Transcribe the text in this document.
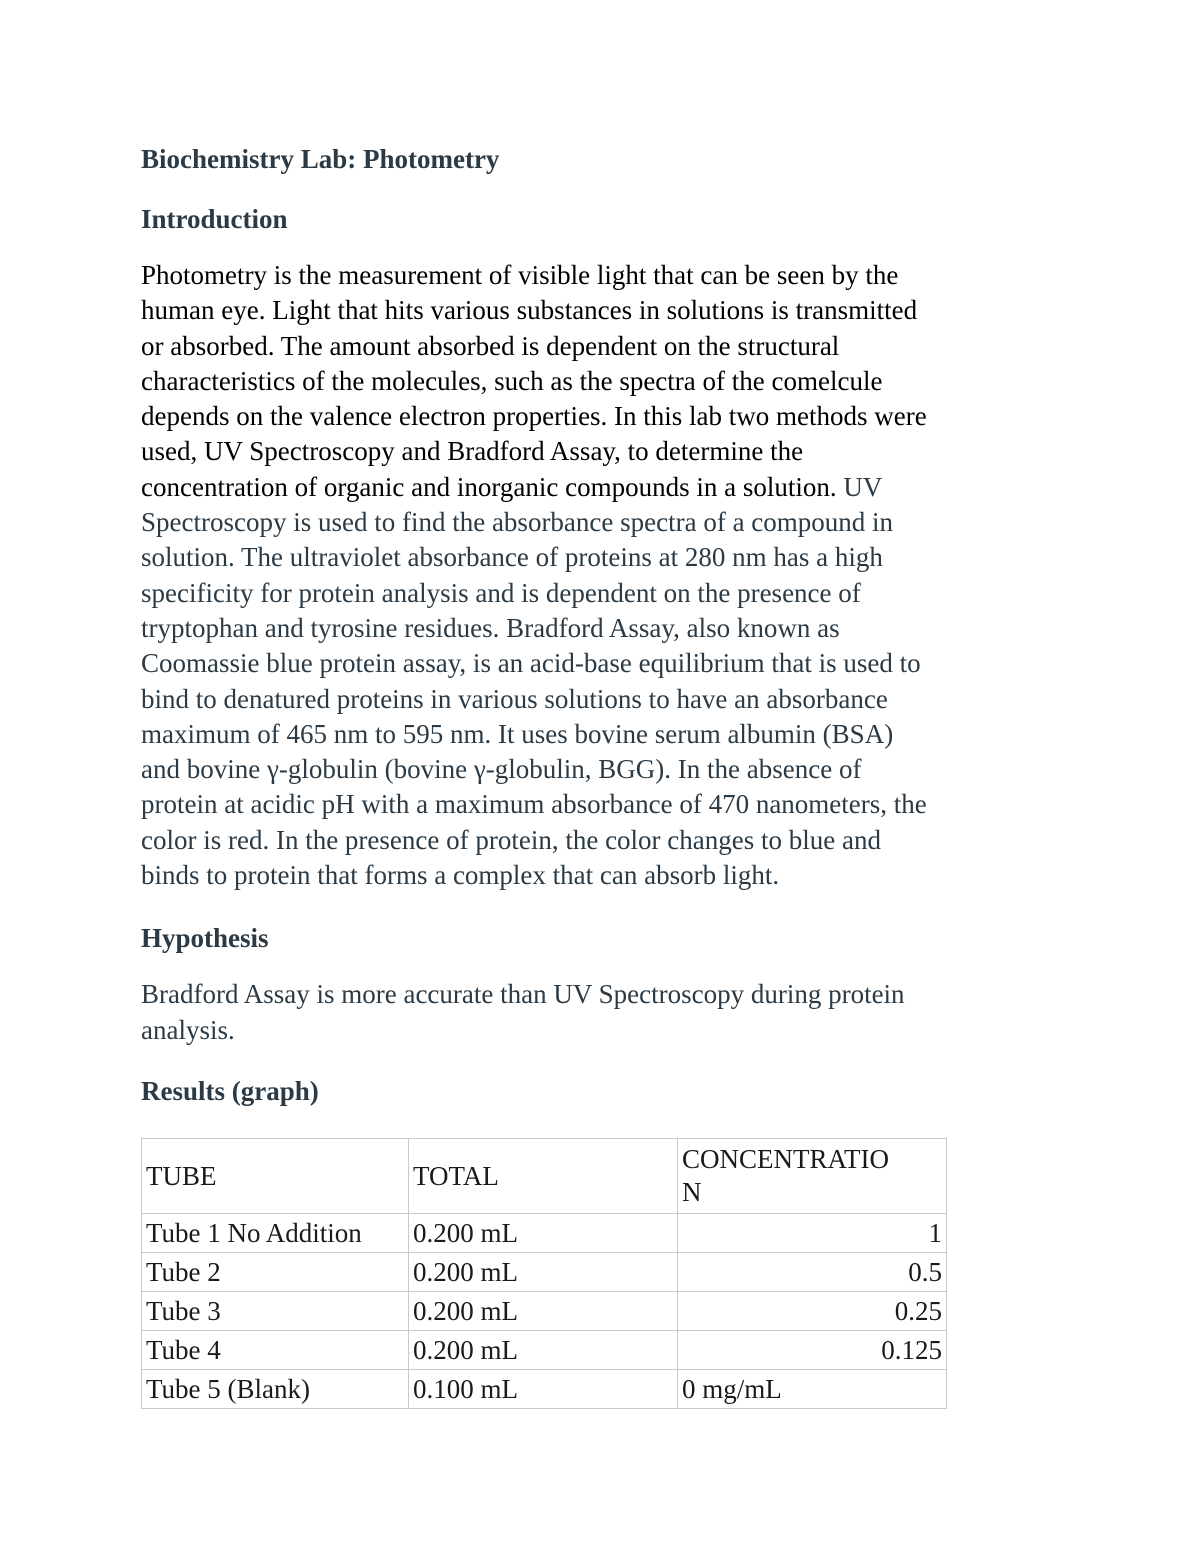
Biochemistry Lab: Photometry
Introduction

Photometry is the measurement of visible light that can be seen by the
human eye. Light that hits various substances in solutions is transmitted
or absorbed. The amount absorbed is dependent on the structural
characteristics of the molecules, such as the spectra of the comelcule
depends on the valence electron properties. In this lab two methods were
used, UV Spectroscopy and Bradford Assay, to determine the
concentration of organic and inorganic compounds in a solution. UV
Spectroscopy is used to find the absorbance spectra of a compound in
solution. The ultraviolet absorbance of proteins at 280 nm has a high
specificity for protein analysis and is dependent on the presence of
tryptophan and tyrosine residues. Bradford Assay, also known as
Coomassie blue protein assay, is an acid-base equilibrium that is used to
bind to denatured proteins in various solutions to have an absorbance
maximum of 465 nm to 595 nm. It uses bovine serum albumin (BSA)
and bovine γ-globulin (bovine γ-globulin, BGG). In the absence of
protein at acidic pH with a maximum absorbance of 470 nanometers, the
color is red. In the presence of protein, the color changes to blue and
binds to protein that forms a complex that can absorb light.

Hypothesis

Bradford Assay is more accurate than UV Spectroscopy during protein
analysis.

Results (graph)
TUBE	TOTAL	CONCENTRATIO
N
Tube 1 No Addition	0.200 mL	1
Tube 2	0.200 mL	0.5
Tube 3	0.200 mL	0.25
Tube 4	0.200 mL	0.125
Tube 5 (Blank)	0.100 mL	0 mg/mL
